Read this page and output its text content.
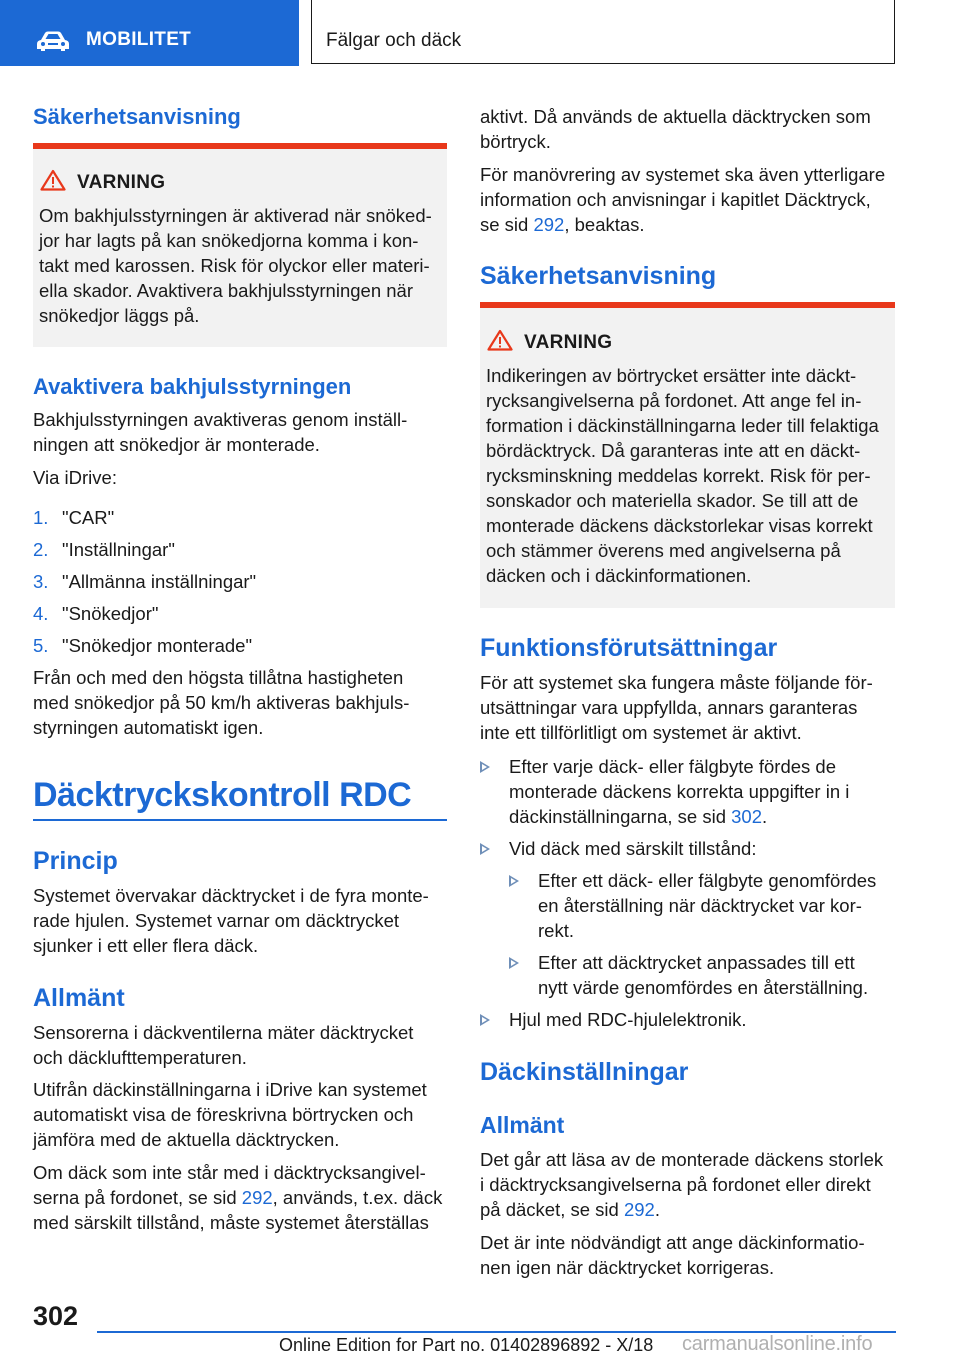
MOBILITET	Fälgar och däck
Säkerhetsanvisning
VARNING
Om bakhjulsstyrningen är aktiverad när snöked-
jor har lagts på kan snökedjorna komma i kon-
takt med karossen. Risk för olyckor eller materi-
ella skador. Avaktivera bakhjulsstyrningen när
snökedjor läggs på.
Avaktivera bakhjulsstyrningen
Bakhjulsstyrningen avaktiveras genom inställ-
ningen att snökedjor är monterade.
Via iDrive:
1. "CAR"
2. "Inställningar"
3. "Allmänna inställningar"
4. "Snökedjor"
5. "Snökedjor monterade"
Från och med den högsta tillåtna hastigheten
med snökedjor på 50 km/h aktiveras bakhjuls-
styrningen automatiskt igen.
Däcktryckskontroll RDC
Princip
Systemet övervakar däcktrycket i de fyra monte-
rade hjulen. Systemet varnar om däcktrycket
sjunker i ett eller flera däck.
Allmänt
Sensorerna i däckventilerna mäter däcktrycket
och däcklufttemperaturen.
Utifrån däckinställningarna i iDrive kan systemet
automatiskt visa de föreskrivna börtrycken och
jämföra med de aktuella däcktrycken.
Om däck som inte står med i däcktrycksangivel-
serna på fordonet, se sid 292, används, t.ex. däck
med särskilt tillstånd, måste systemet återställas
aktivt. Då används de aktuella däcktrycken som
börtryck.
För manövrering av systemet ska även ytterligare
information och anvisningar i kapitlet Däcktryck,
se sid 292, beaktas.
Säkerhetsanvisning
VARNING
Indikeringen av börtrycket ersätter inte däckt-
rycksangivelserna på fordonet. Att ange fel in-
formation i däckinställningarna leder till felaktiga
bördäcktryck. Då garanteras inte att en däckt-
rycksminskning meddelas korrekt. Risk för per-
sonskador och materiella skador. Se till att de
monterade däckens däckstorlekar visas korrekt
och stämmer överens med angivelserna på
däcken och i däckinformationen.
Funktionsförutsättningar
För att systemet ska fungera måste följande för-
utsättningar vara uppfyllda, annars garanteras
inte ett tillförlitligt om systemet är aktivt.
Efter varje däck- eller fälgbyte fördes de
monterade däckens korrekta uppgifter in i
däckinställningarna, se sid 302.
Vid däck med särskilt tillstånd:
Efter ett däck- eller fälgbyte genomfördes
en återställning när däcktrycket var kor-
rekt.
Efter att däcktrycket anpassades till ett
nytt värde genomfördes en återställning.
Hjul med RDC-hjulelektronik.
Däckinställningar
Allmänt
Det går att läsa av de monterade däckens storlek
i däcktrycksangivelserna på fordonet eller direkt
på däcket, se sid 292.
Det är inte nödvändigt att ange däckinformatio-
nen igen när däcktrycket korrigeras.
302
Online Edition for Part no. 01402896892 - X/18 carmanualsonline.info
